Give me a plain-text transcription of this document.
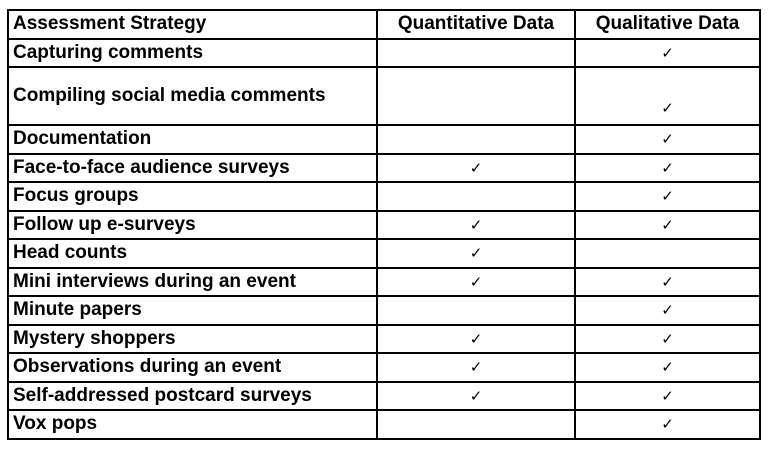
Assessment Strategy	Quantitative Data	Qualitative Data
Capturing comments		✓
Compiling social media comments		✓
Documentation		✓
Face-to-face audience surveys	✓	✓
Focus groups		✓
Follow up e-surveys	✓	✓
Head counts	✓	
Mini interviews during an event	✓	✓
Minute papers		✓
Mystery shoppers	✓	✓
Observations during an event	✓	✓
Self-addressed postcard surveys	✓	✓
Vox pops		✓
